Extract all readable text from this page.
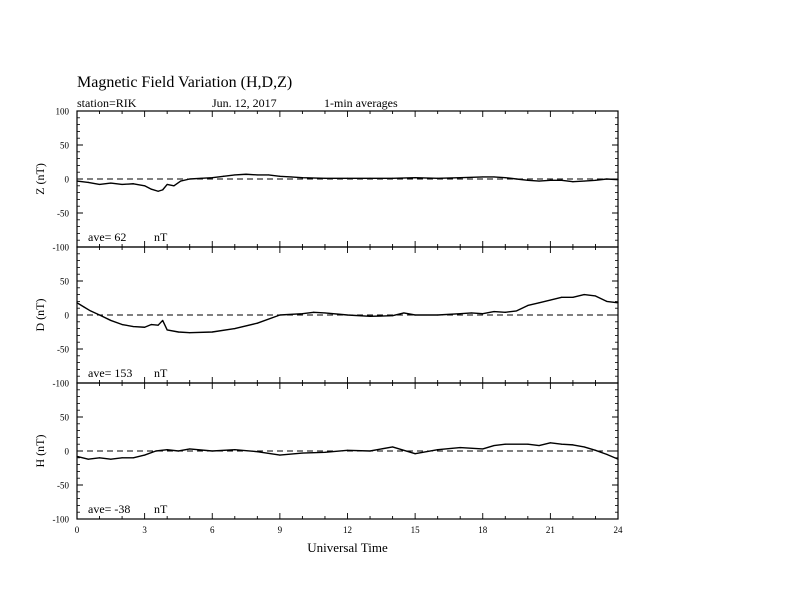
Magnetic Field Variation (H,D,Z)
station=RIK	Jun. 12, 2017	1-min averages
100
50
0
-50
-100
Z (nT)
ave= 62 nT
50
0
-50
-100
D (nT)
ave= 153 nT
50
0
-50
-100
H (nT)
ave= -38 nT
0	3	6	9	12	15	18	21	24
Universal Time
